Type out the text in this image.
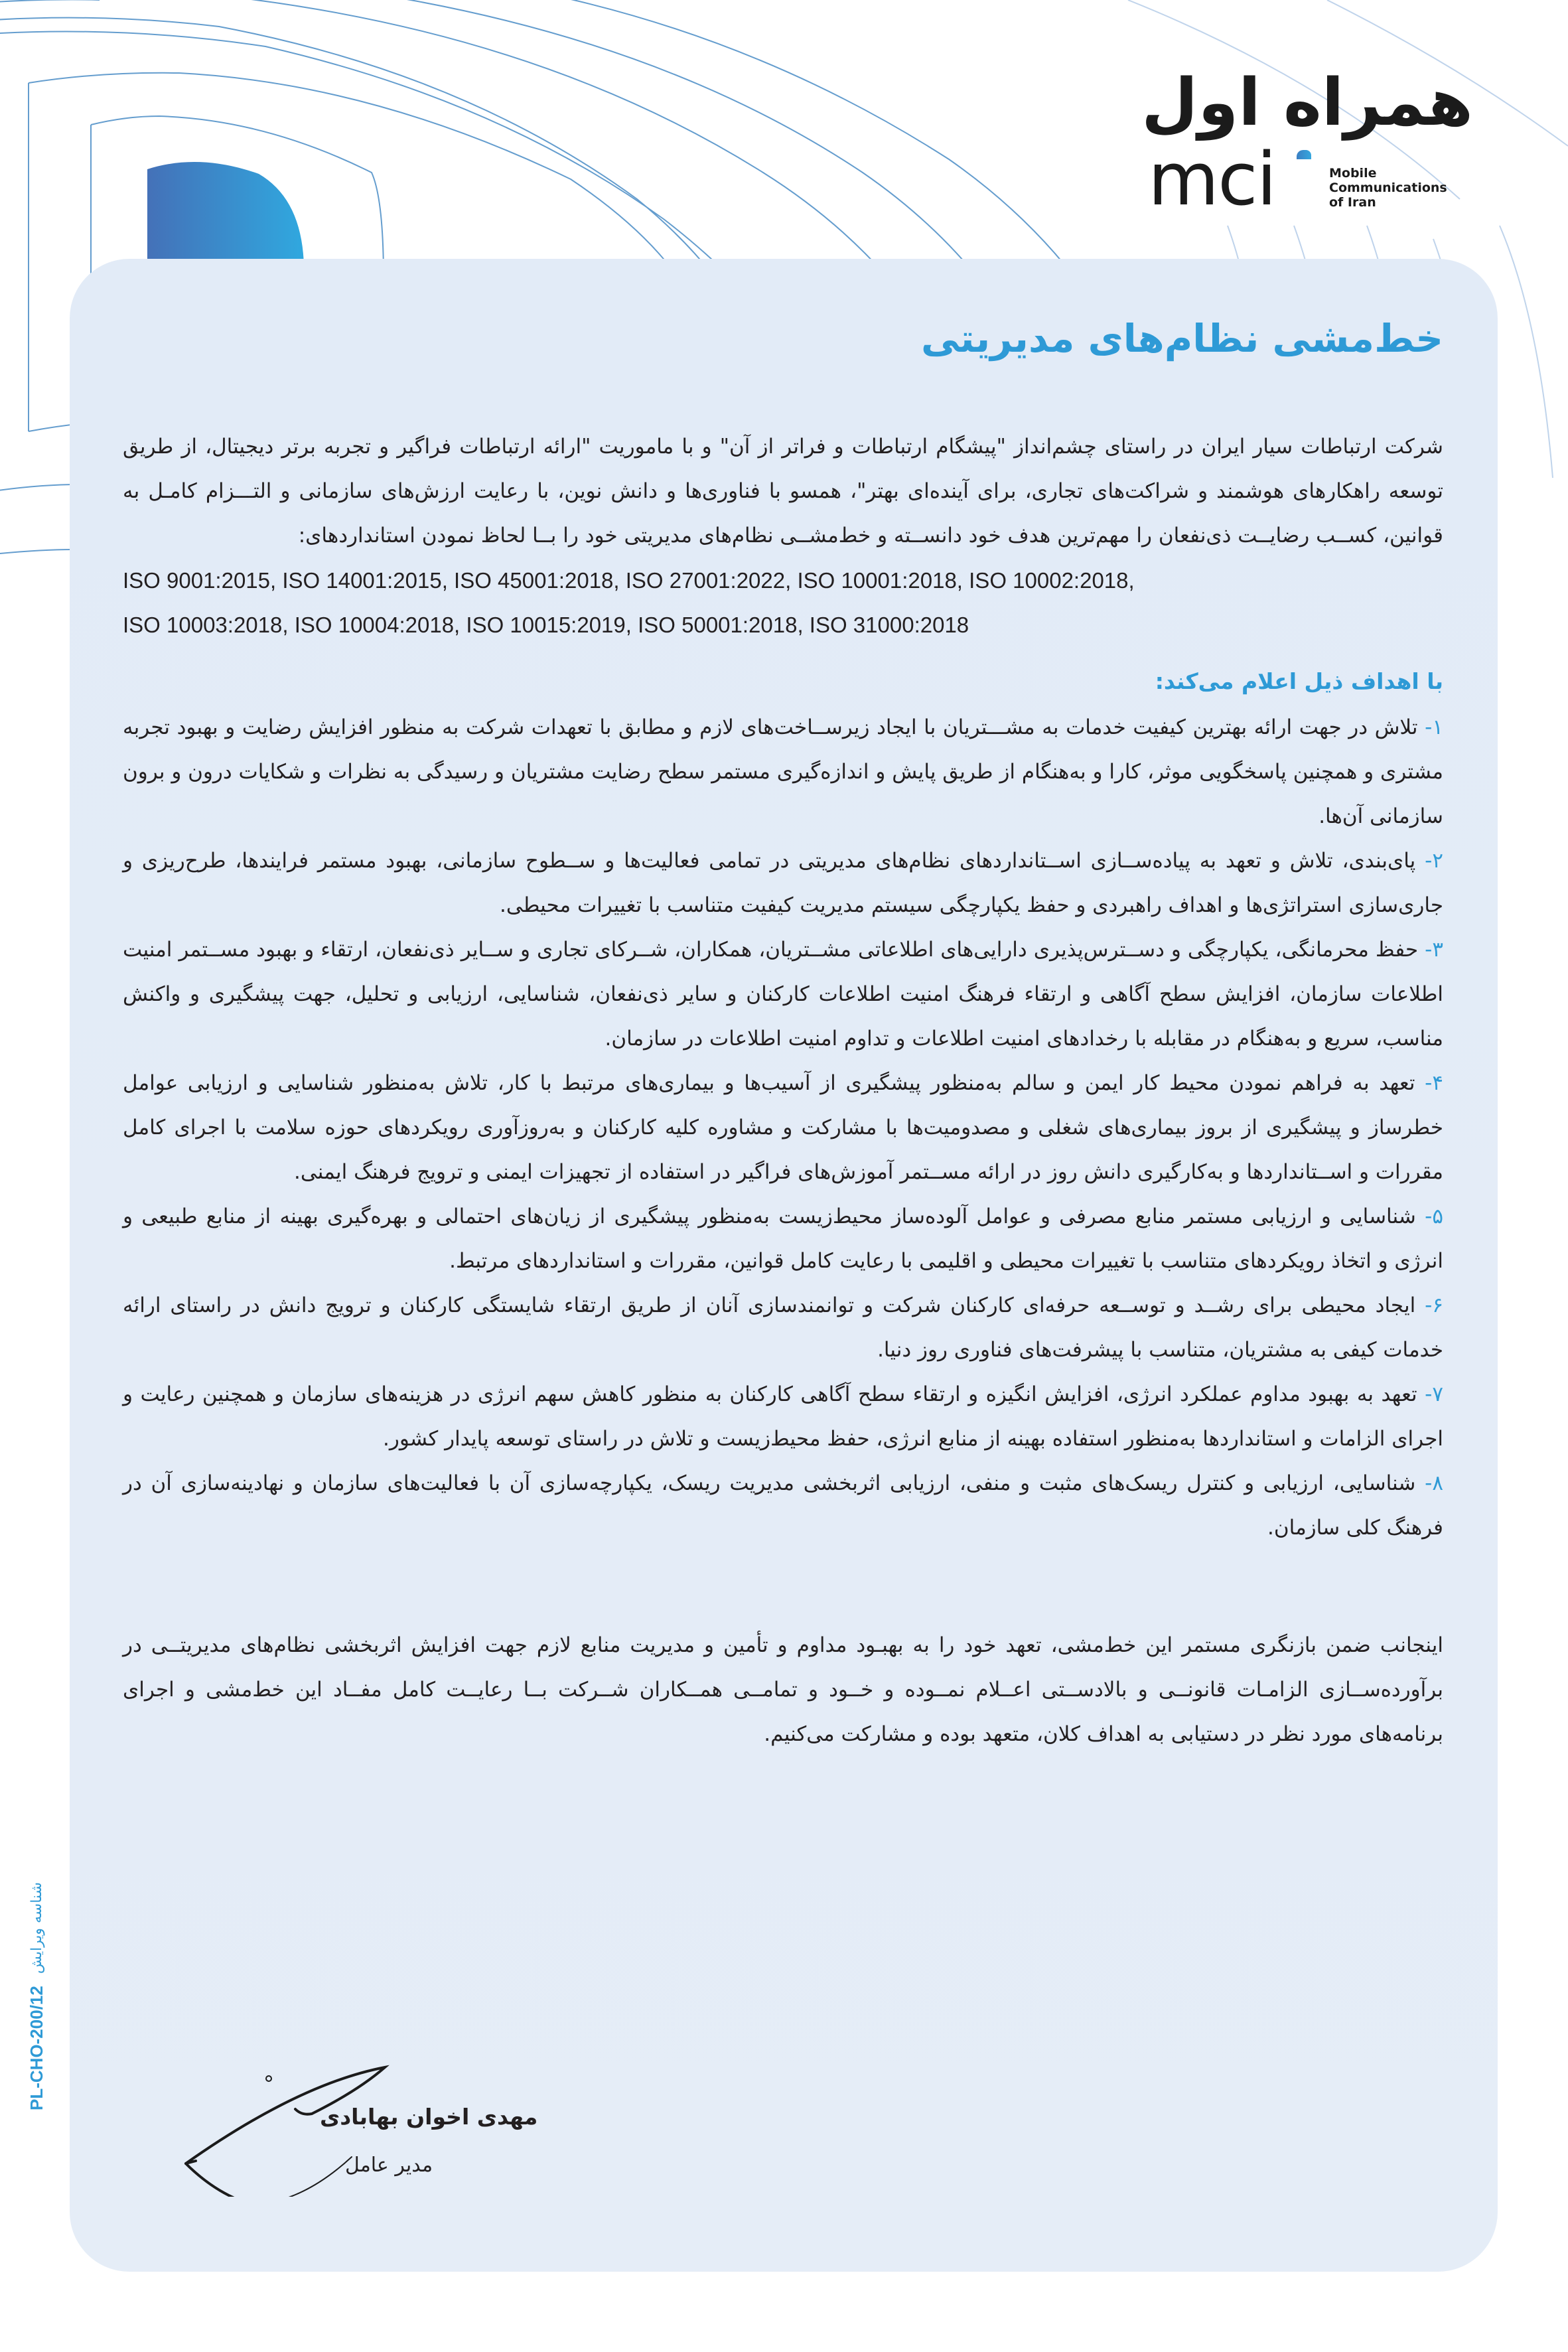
همراه اول
mci	Mobile
Communications
of Iran
خط‌مشی نظام‌های مدیریتی

شرکت ارتباطات سیار ایران در راستای چشم‌انداز "پیشگام ارتباطات و فراتر از آن" و با ماموریت "ارائه ارتباطات فراگیر و تجربه برتر دیجیتال، از طریق توسعه راهکارهای هوشمند و شراکت‌های تجاری، برای آینده‌ای بهتر"، همسو با فناوری‌ها و دانش نوین، با رعایت ارزش‌های سازمانی و التـــزام کامـل به قوانین، کســب رضایــت ذی‌نفعان را مهم‌ترین هدف خود دانســته و خط‌مشــی نظام‌های مدیریتی خود را بــا لحاظ نمودن استانداردهای:

ISO 9001:2015, ISO 14001:2015, ISO 45001:2018, ISO 27001:2022, ISO 10001:2018, ISO 10002:2018,

ISO 10003:2018, ISO 10004:2018, ISO 10015:2019, ISO 50001:2018, ISO 31000:2018

با اهداف ذیل اعلام می‌کند:

۱- تلاش در جهت ارائه بهترین کیفیت خدمات به مشـــتریان با ایجاد زیرســاخت‌های لازم و مطابق با تعهدات شرکت به منظور افزایش رضایت و بهبود تجربه مشتری و همچنین پاسخگویی موثر، کارا و به‌هنگام از طریق پایش و اندازه‌گیری مستمر سطح رضایت مشتریان و رسیدگی به نظرات و شکایات درون و برون سازمانی آن‌ها.

۲- پای‌بندی، تلاش و تعهد به پیاده‌ســازی اســتانداردهای نظام‌های مدیریتی در تمامی فعالیت‌ها و ســطوح سازمانی، بهبود مستمر فرایندها، طرح‌ریزی و جاری‌سازی استراتژی‌ها و اهداف راهبردی و حفظ یکپارچگی سیستم مدیریت کیفیت متناسب با تغییرات محیطی.

۳- حفظ محرمانگی، یکپارچگی و دســترس‌پذیری دارایی‌های اطلاعاتی مشــتریان، همکاران، شــرکای تجاری و ســایر ذی‌نفعان، ارتقاء و بهبود مســتمر امنیت اطلاعات سازمان، افزایش سطح آگاهی و ارتقاء فرهنگ امنیت اطلاعات کارکنان و سایر ذی‌نفعان، شناسایی، ارزیابی و تحلیل، جهت پیشگیری و واکنش مناسب، سریع و به‌هنگام در مقابله با رخدادهای امنیت اطلاعات و تداوم امنیت اطلاعات در سازمان.

۴- تعهد به فراهم نمودن محیط کار ایمن و سالم به‌منظور پیشگیری از آسیب‌ها و بیماری‌های مرتبط با کار، تلاش به‌منظور شناسایی و ارزیابی عوامل خطرساز و پیشگیری از بروز بیماری‌های شغلی و مصدومیت‌ها با مشارکت و مشاوره کلیه کارکنان و به‌روزآوری رویکردهای حوزه سلامت با اجرای کامل مقررات و اســتانداردها و به‌کارگیری دانش روز در ارائه مســتمر آموزش‌های فراگیر در استفاده از تجهیزات ایمنی و ترویج فرهنگ ایمنی.

۵- شناسایی و ارزیابی مستمر منابع مصرفی و عوامل آلوده‌ساز محیط‌زیست به‌منظور پیشگیری از زیان‌های احتمالی و بهره‌گیری بهینه از منابع طبیعی و انرژی و اتخاذ رویکردهای متناسب با تغییرات محیطی و اقلیمی با رعایت کامل قوانین، مقررات و استانداردهای مرتبط.

۶- ایجاد محیطی برای رشــد و توســعه حرفه‌ای کارکنان شرکت و توانمندسازی آنان از طریق ارتقاء شایستگی کارکنان و ترویج دانش در راستای ارائه خدمات کیفی به مشتریان، متناسب با پیشرفت‌های فناوری روز دنیا.

۷- تعهد به بهبود مداوم عملکرد انرژی، افزایش انگیزه و ارتقاء سطح آگاهی کارکنان به منظور کاهش سهم انرژی در هزینه‌های سازمان و همچنین رعایت و اجرای الزامات و استانداردها به‌منظور استفاده بهینه از منابع انرژی، حفظ محیط‌زیست و تلاش در راستای توسعه پایدار کشور.

۸- شناسایی، ارزیابی و کنترل ریسک‌های مثبت و منفی، ارزیابی اثربخشی مدیریت ریسک، یکپارچه‌سازی آن با فعالیت‌های سازمان و نهادینه‌سازی آن در فرهنگ کلی سازمان.

اینجانب ضمن بازنگری مستمر این خط‌مشی، تعهد خود را به بهبـود مداوم و تأمین و مدیریت منابع لازم جهت افزایش اثربخشی نظام‌های مدیریتــی در برآورده‌ســازی الزامـات قانونــی و بالادســتی اعــلام نمــوده و خــود و تمامــی همــکاران شــرکت بــا رعایــت کامل مفــاد این خط‌مشی و اجرای برنامه‌های مورد نظر در دستیابی به اهداف کلان، متعهد بوده و مشارکت می‌کنیم.

مهدی اخوان بهابادی
مدیر عامل
PL-CHO-200/12
شناسه ویرایش
